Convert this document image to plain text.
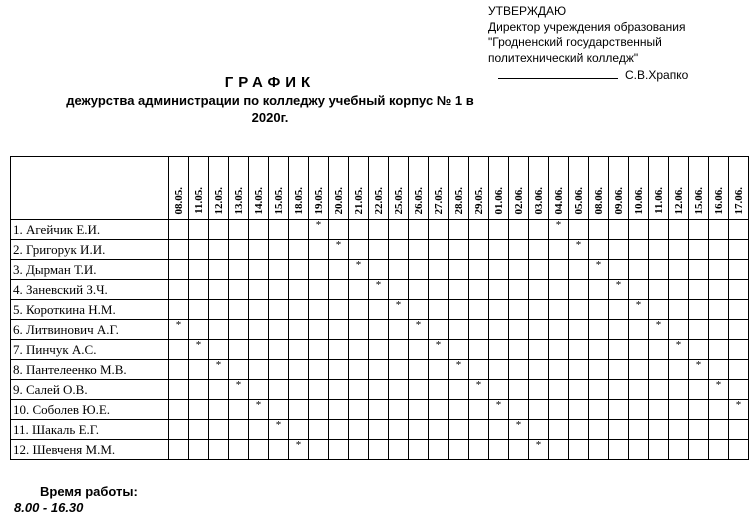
УТВЕРЖДАЮ
Директор учреждения образования
"Гродненский государственный
политехнический колледж"
С.В.Храпко
ГРАФИК
дежурства администрации по колледжу учебный корпус № 1 в
2020г.
	08.05.	11.05.	12.05.	13.05.	14.05.	15.05.	18.05.	19.05.	20.05.	21.05.	22.05.	25.05.	26.05.	27.05.	28.05.	29.05.	01.06.	02.06.	03.06.	04.06.	05.06.	08.06.	09.06.	10.06.	11.06.	12.06.	15.06.	16.06.	17.06.
1. Агейчик Е.И.								*												*									
2. Григорук И.И.									*												*								
3. Дырман Т.И.										*												*							
4. Заневский З.Ч.											*												*						
5. Короткина Н.М.												*												*					
6. Литвинович А.Г.	*												*												*				
7. Пинчук А.С.		*												*												*			
8. Пантелеенко М.В.			*												*												*		
9. Салей О.В.				*												*												*	
10. Соболев Ю.Е.					*												*												*
11. Шакаль Е.Г.						*												*											
12. Шевченя М.М.							*												*										
Время работы:
8.00 - 16.30
